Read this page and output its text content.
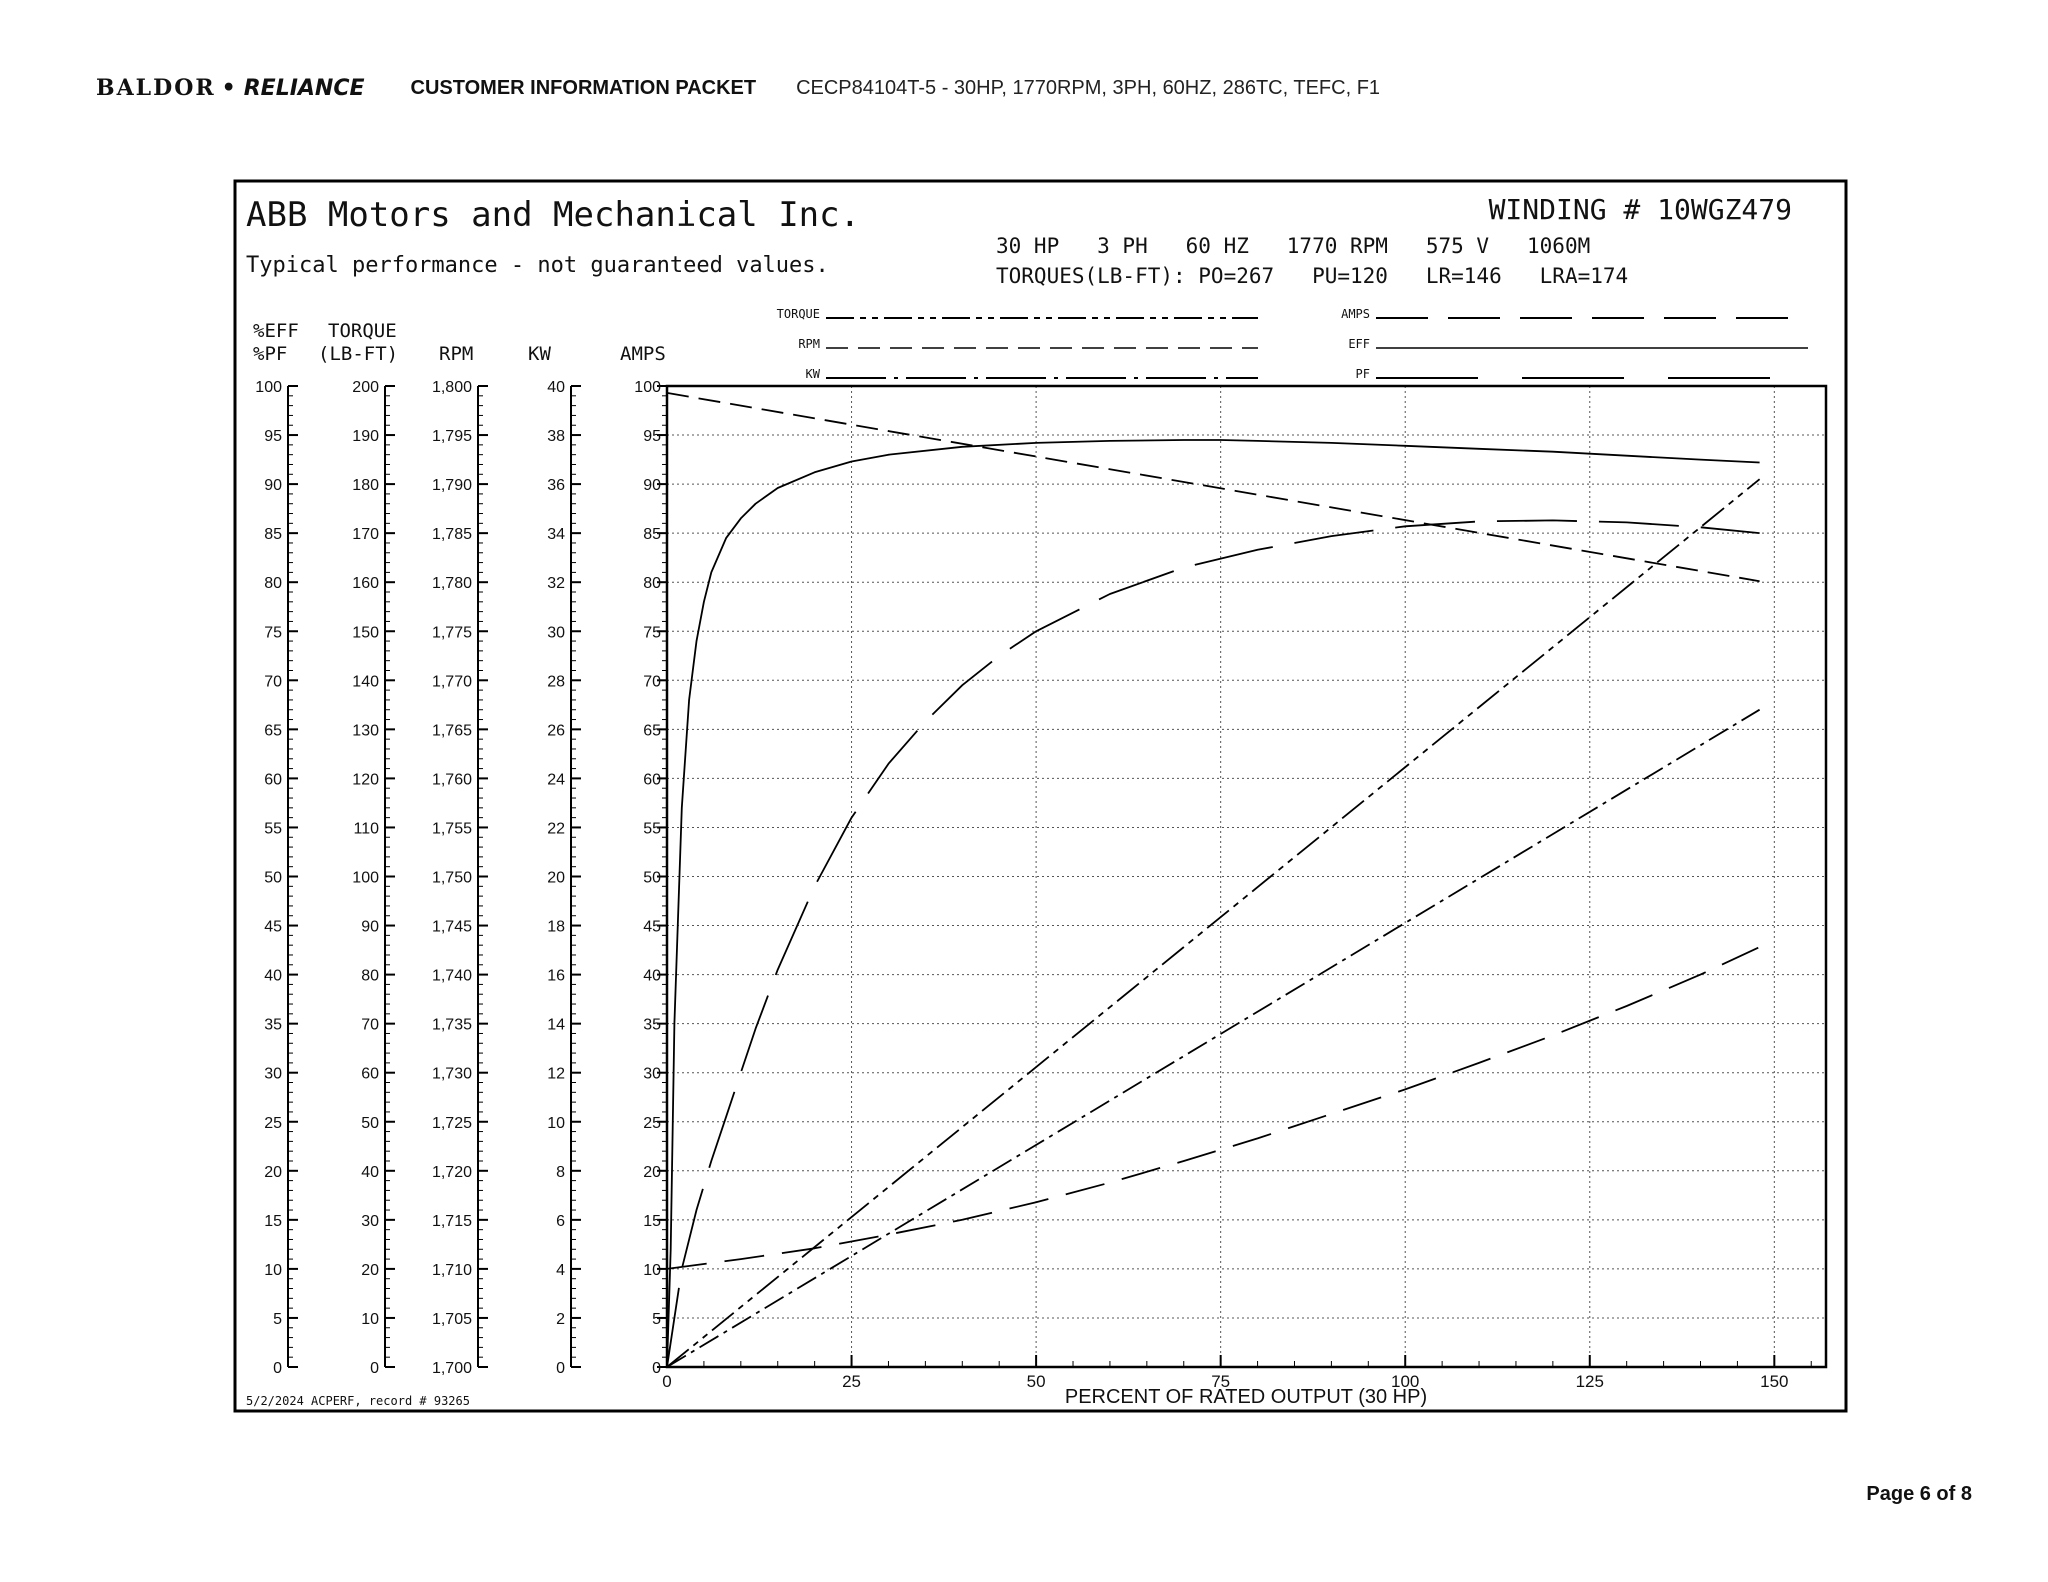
BALDOR • RELIANCE CUSTOMER INFORMATION PACKET CECP84104T-5 - 30HP, 1770RPM, 3PH, 60HZ, 286TC, TEFC, F1
ABB Motors and Mechanical Inc.
Typical performance - not guaranteed values.
WINDING # 10WGZ479
30 HP   3 PH   60 HZ   1770 RPM   575 V   1060M
TORQUES(LB-FT): PO=267   PU=120   LR=146   LRA=174
TORQUE
RPM
KW
AMPS
EFF
PF
%EFF
%PF
TORQUE
(LB-FT) RPM	KW	AMPS
100
95
90
85
80
75
70
65
60
55
50
45
40
35
30
25
20
15
10
5
0
200
190
180
170
160
150
140
130
120
110
100
90
80
70
60
50
40
30
20
10
0
1,800
1,795
1,790
1,785
1,780
1,775
1,770
1,765
1,760
1,755
1,750
1,745
1,740
1,735
1,730
1,725
1,720
1,715
1,710
1,705
1,700
40
38
36
34
32
30
28
26
24
22
20
18
16
14
12
10
8
6
4
2
0
100
95
90
85
80
75
70
65
60
55
50
45
40
35
30
25
20
15
10
5
0
0	25	50	75	100	125	150
PERCENT OF RATED OUTPUT (30 HP)
5/2/2024 ACPERF, record # 93265
Page 6 of 8
